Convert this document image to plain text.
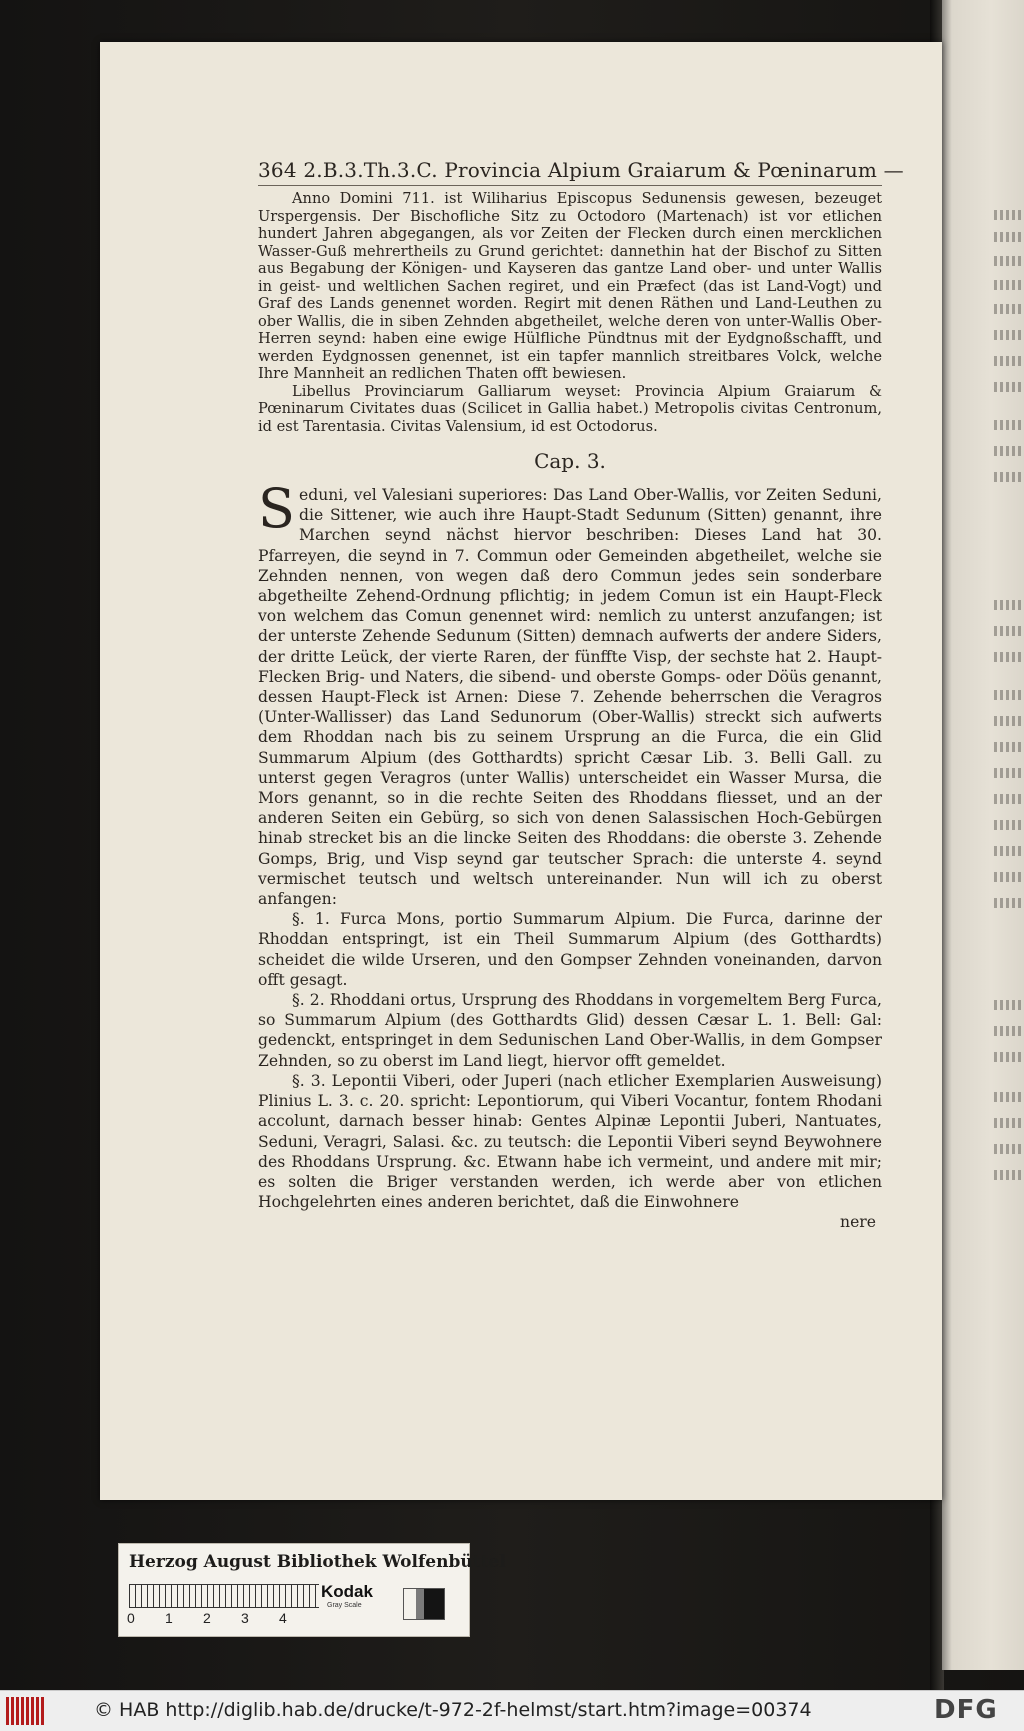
364 2.B.3.Th.3.C. Provincia Alpium Graiarum & Pœninarum —

Anno Domini 711. ist Wiliharius Episcopus Sedunensis gewesen, bezeuget Urspergensis. Der Bischofliche Sitz zu Octodoro (Martenach) ist vor etlichen hundert Jahren abgegangen, als vor Zeiten der Flecken durch einen mercklichen Wasser-Guß mehrertheils zu Grund gerichtet: dannethin hat der Bischof zu Sitten aus Begabung der Königen- und Kayseren das gantze Land ober- und unter Wallis in geist- und weltlichen Sachen regiret, und ein Præfect (das ist Land-Vogt) und Graf des Lands genennet worden. Regirt mit denen Räthen und Land-Leuthen zu ober Wallis, die in siben Zehnden abgetheilet, welche deren von unter-Wallis Ober-Herren seynd: haben eine ewige Hülfliche Pündtnus mit der Eydgnoßschafft, und werden Eydgnossen genennet, ist ein tapfer mannlich streitbares Volck, welche Ihre Mannheit an redlichen Thaten offt bewiesen.

Libellus Provinciarum Galliarum weyset: Provincia Alpium Graiarum & Pœninarum Civitates duas (Scilicet in Gallia habet.) Metropolis civitas Centronum, id est Tarentasia. Civitas Valensium, id est Octodorus.

Cap. 3.

Seduni, vel Valesiani superiores: Das Land Ober-Wallis, vor Zeiten Seduni, die Sittener, wie auch ihre Haupt-Stadt Sedunum (Sitten) genannt, ihre Marchen seynd nächst hiervor beschriben: Dieses Land hat 30. Pfarreyen, die seynd in 7. Commun oder Gemeinden abgetheilet, welche sie Zehnden nennen, von wegen daß dero Commun jedes sein sonderbare abgetheilte Zehend-Ordnung pflichtig; in jedem Comun ist ein Haupt-Fleck von welchem das Comun genennet wird: nemlich zu unterst anzufangen; ist der unterste Zehende Sedunum (Sitten) demnach aufwerts der andere Siders, der dritte Leück, der vierte Raren, der fünffte Visp, der sechste hat 2. Haupt-Flecken Brig- und Naters, die sibend- und oberste Gomps- oder Döüs genannt, dessen Haupt-Fleck ist Arnen: Diese 7. Zehende beherrschen die Veragros (Unter-Wallisser) das Land Sedunorum (Ober-Wallis) streckt sich aufwerts dem Rhoddan nach bis zu seinem Ursprung an die Furca, die ein Glid Summarum Alpium (des Gotthardts) spricht Cæsar Lib. 3. Belli Gall. zu unterst gegen Veragros (unter Wallis) unterscheidet ein Wasser Mursa, die Mors genannt, so in die rechte Seiten des Rhoddans fliesset, und an der anderen Seiten ein Gebürg, so sich von denen Salassischen Hoch-Gebürgen hinab strecket bis an die lincke Seiten des Rhoddans: die oberste 3. Zehende Gomps, Brig, und Visp seynd gar teutscher Sprach: die unterste 4. seynd vermischet teutsch und weltsch untereinander. Nun will ich zu oberst anfangen:

§. 1. Furca Mons, portio Summarum Alpium. Die Furca, darinne der Rhoddan entspringt, ist ein Theil Summarum Alpium (des Gotthardts) scheidet die wilde Urseren, und den Gompser Zehnden voneinanden, darvon offt gesagt.

§. 2. Rhoddani ortus, Ursprung des Rhoddans in vorgemeltem Berg Furca, so Summarum Alpium (des Gotthardts Glid) dessen Cæsar L. 1. Bell: Gal: gedenckt, entspringet in dem Sedunischen Land Ober-Wallis, in dem Gompser Zehnden, so zu oberst im Land liegt, hiervor offt gemeldet.

§. 3. Lepontii Viberi, oder Juperi (nach etlicher Exemplarien Ausweisung) Plinius L. 3. c. 20. spricht: Lepontiorum, qui Viberi Vocantur, fontem Rhodani accolunt, darnach besser hinab: Gentes Alpinæ Lepontii Juberi, Nantuates, Seduni, Veragri, Salasi. &c. zu teutsch: die Lepontii Viberi seynd Beywohnere des Rhoddans Ursprung. &c. Etwann habe ich vermeint, und andere mit mir; es solten die Briger verstanden werden, ich werde aber von etlichen Hochgelehrten eines anderen berichtet, daß die Einwohnere

nere
Herzog August Bibliothek Wolfenbüttel
0 1 2 3 4
Kodak
Gray Scale
© HAB http://diglib.hab.de/drucke/t-972-2f-helmst/start.htm?image=00374	DFG
